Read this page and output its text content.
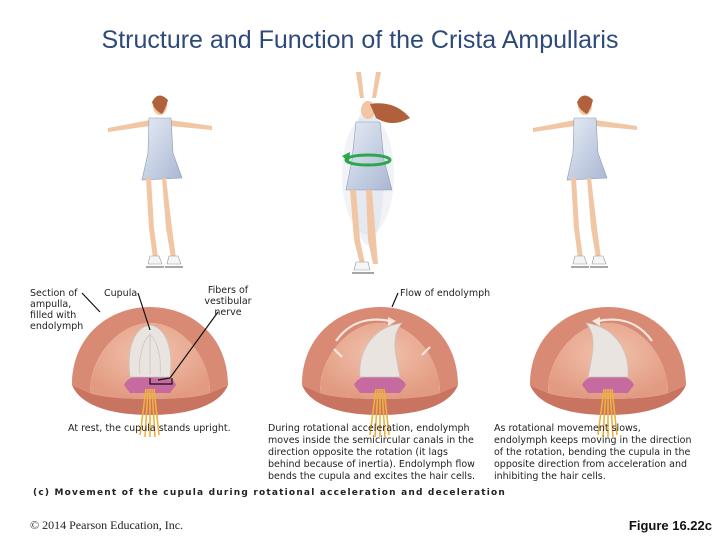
Structure and Function of the Crista Ampullaris
Section of ampulla, filled with endolymph
Cupula	Fibers of vestibular nerve
Flow of endolymph
At rest, the cupula stands upright.	During rotational acceleration, endolymph moves inside the semicircular canals in the direction opposite the rotation (it lags behind because of inertia). Endolymph flow bends the cupula and excites the hair cells.
As rotational movement slows, endolymph keeps moving in the direction of the rotation, bending the cupula in the opposite direction from acceleration and inhibiting the hair cells.
(c) Movement of the cupula during rotational acceleration and deceleration
© 2014 Pearson Education, Inc.	Figure 16.22c
